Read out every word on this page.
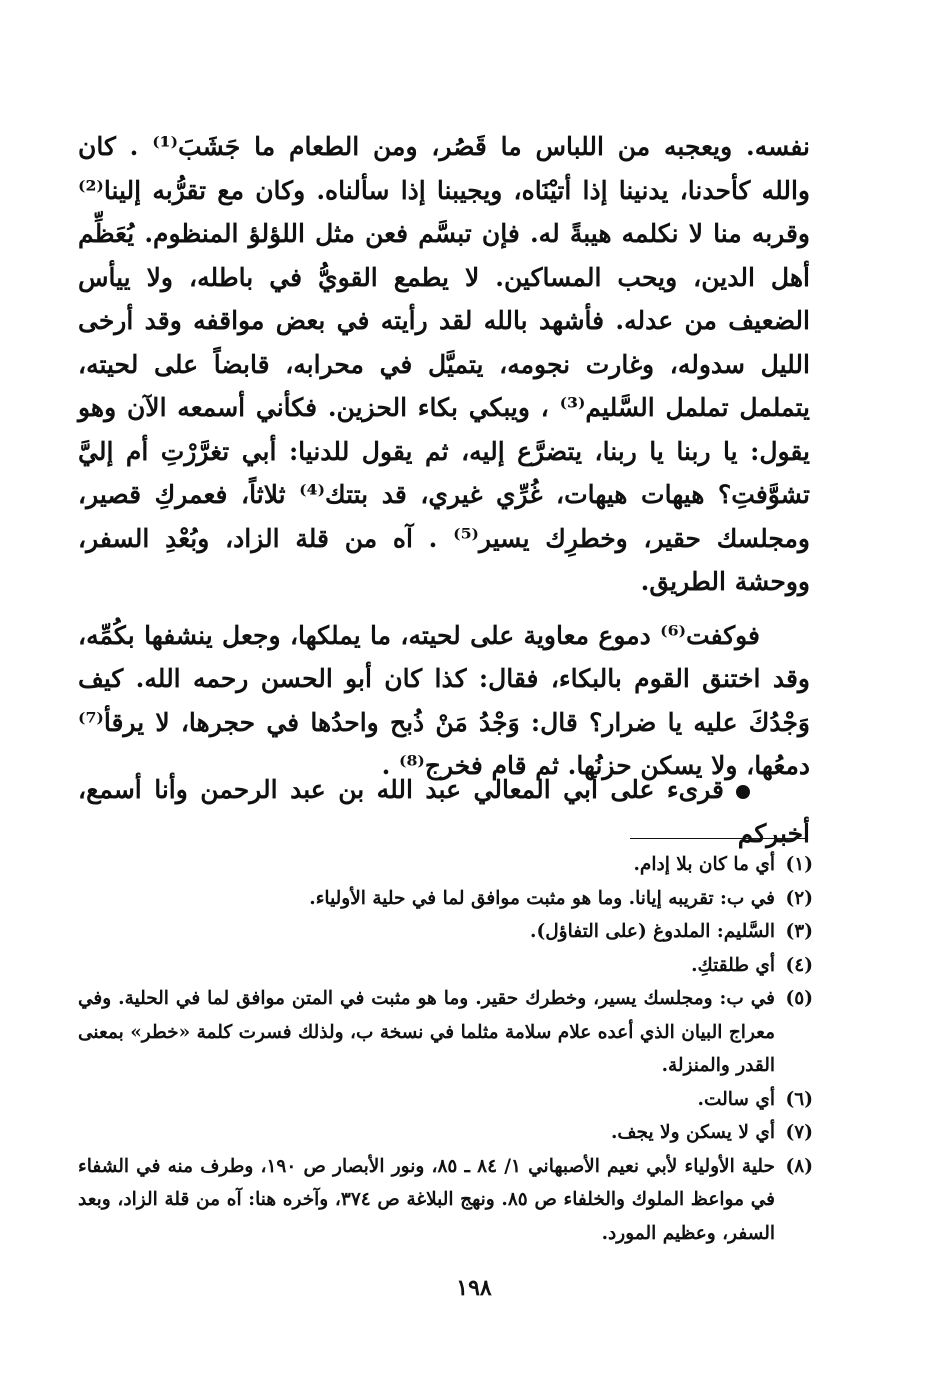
نفسه. ويعجبه من اللباس ما قَصُر، ومن الطعام ما جَشَبَ⁽¹⁾ . كان والله كأحدنا، يدنينا إذا أتيْنَاه، ويجيبنا إذا سألناه. وكان مع تقرُّبه إلينا⁽²⁾ وقربه منا لا نكلمه هيبةً له. فإن تبسَّم فعن مثل اللؤلؤ المنظوم. يُعَظِّم أهل الدين، ويحب المساكين. لا يطمع القويُّ في باطله، ولا ييأس الضعيف من عدله. فأشهد بالله لقد رأيته في بعض مواقفه وقد أرخى الليل سدوله، وغارت نجومه، يتميَّل في محرابه، قابضاً على لحيته، يتململ تململ السَّليم⁽³⁾ ، ويبكي بكاء الحزين. فكأني أسمعه الآن وهو يقول: يا ربنا يا ربنا، يتضرَّع إليه، ثم يقول للدنيا: أبي تغرَّرْتِ أم إليَّ تشوَّفتِ؟ هيهات هيهات، غُرِّي غيري، قد بتتك⁽⁴⁾ ثلاثاً، فعمركِ قصير، ومجلسك حقير، وخطرِك يسير⁽⁵⁾ . آه من قلة الزاد، وبُعْدِ السفر، ووحشة الطريق.

فوكفت⁽⁶⁾ دموع معاوية على لحيته، ما يملكها، وجعل ينشفها بكُمِّه، وقد اختنق القوم بالبكاء، فقال: كذا كان أبو الحسن رحمه الله. كيف وَجْدُكَ عليه يا ضرار؟ قال: وَجْدُ مَنْ ذُبح واحدُها في حجرها، لا يرقأ⁽⁷⁾ دمعُها، ولا يسكن حزنُها. ثم قام فخرج⁽⁸⁾ .

قرىء على أبي المعالي عبد الله بن عبد الرحمن وأنا أسمع، أخبركم

(١)
أي ما كان بلا إدام.
(٢)
في ب: تقريبه إيانا. وما هو مثبت موافق لما في حلية الأولياء.
(٣)
السَّليم: الملدوغ (على التفاؤل).
(٤)
أي طلقتكِ.
(٥)
في ب: ومجلسك يسير، وخطرك حقير. وما هو مثبت في المتن موافق لما في الحلية. وفي معراج البيان الذي أعده علام سلامة مثلما في نسخة ب، ولذلك فسرت كلمة «خطر» بمعنى القدر والمنزلة.
(٦)
أي سالت.
(٧)
أي لا يسكن ولا يجف.
(٨)
حلية الأولياء لأبي نعيم الأصبهاني ١/ ٨٤ ـ ٨٥، ونور الأبصار ص ١٩٠، وطرف منه في الشفاء في مواعظ الملوك والخلفاء ص ٨٥. ونهج البلاغة ص ٣٧٤، وآخره هنا: آه من قلة الزاد، وبعد السفر، وعظيم المورد.
١٩٨
